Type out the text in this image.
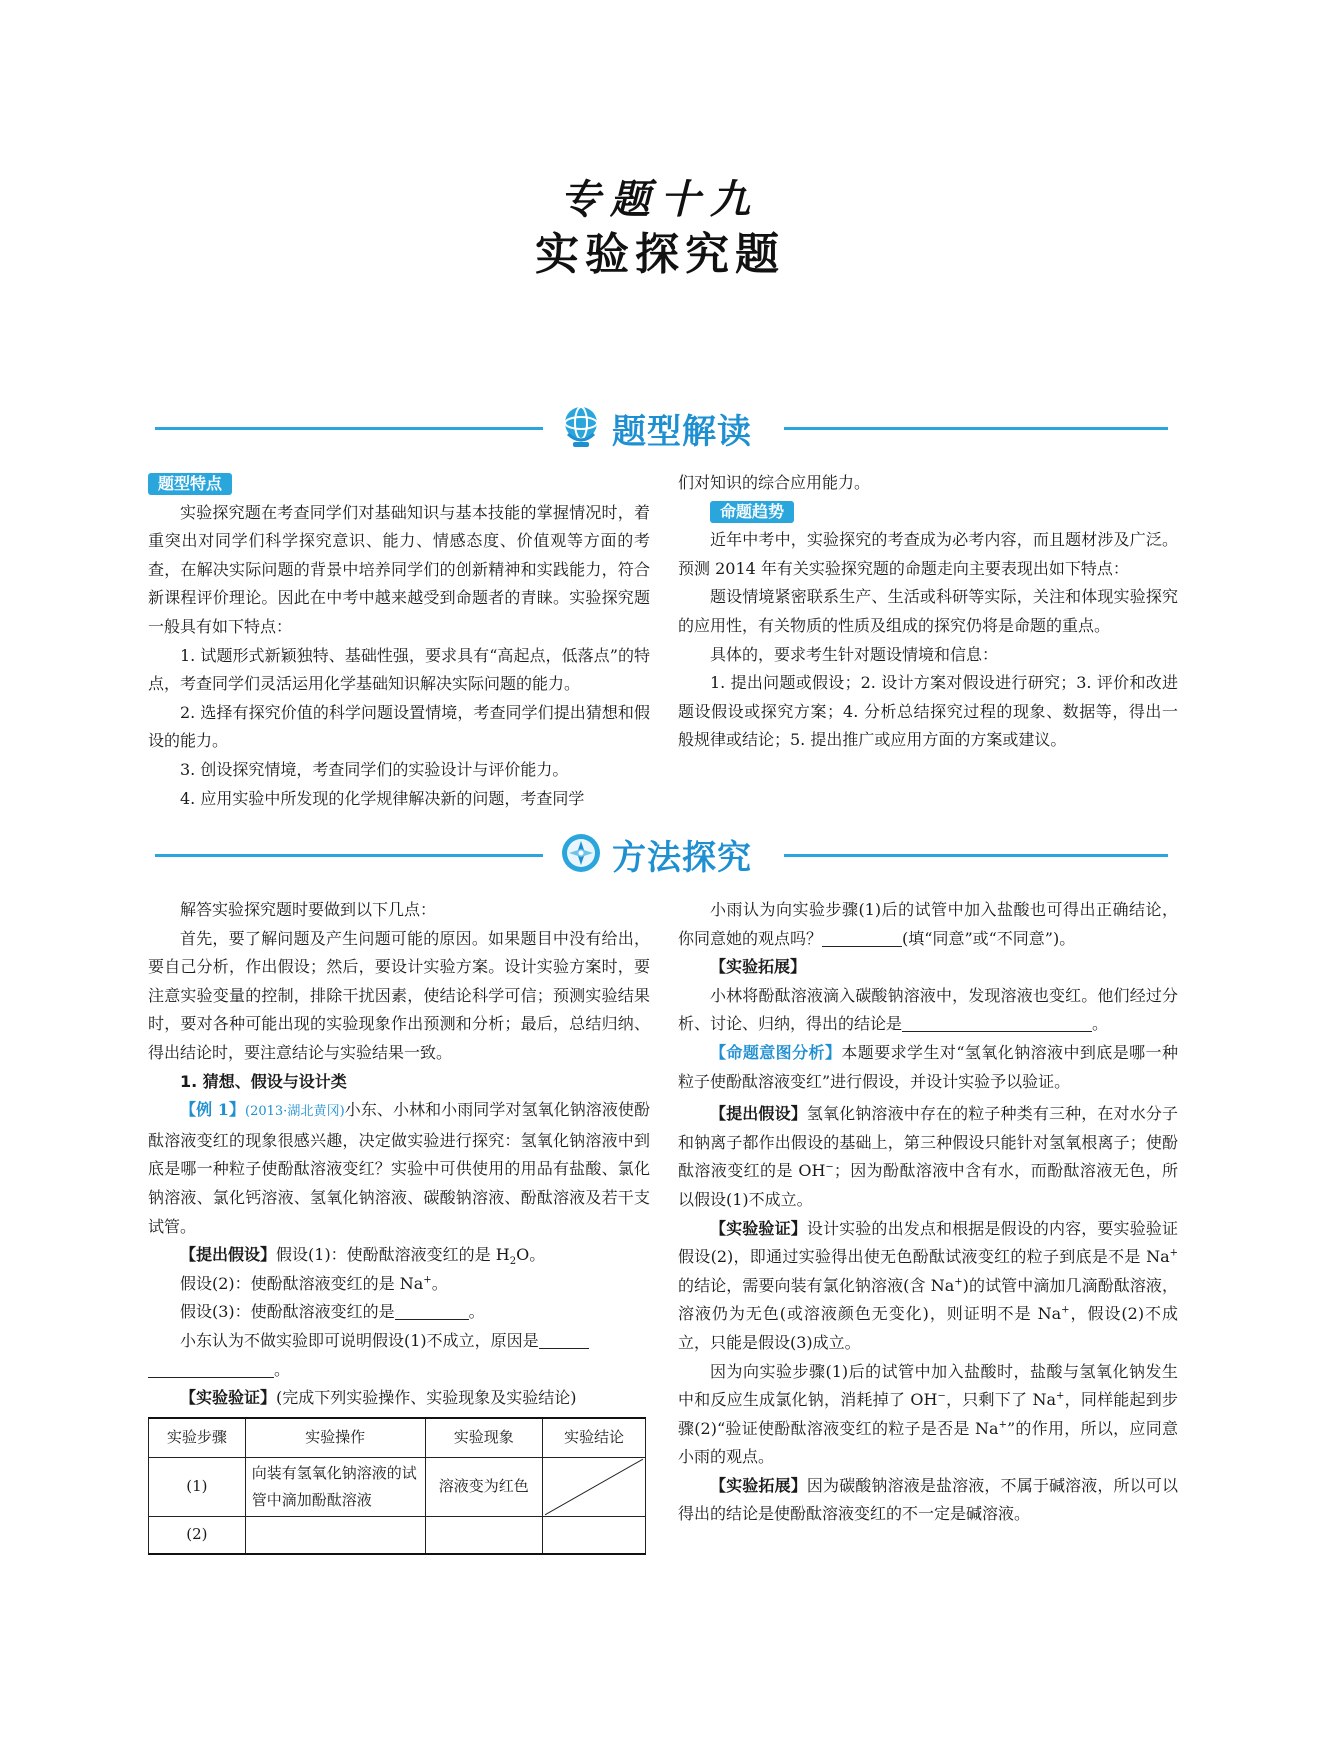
专题十九
实验探究题
题型解读
题型特点

实验探究题在考查同学们对基础知识与基本技能的掌握情况时，着重突出对同学们科学探究意识、能力、情感态度、价值观等方面的考查，在解决实际问题的背景中培养同学们的创新精神和实践能力，符合新课程评价理论。因此在中考中越来越受到命题者的青睐。实验探究题一般具有如下特点：

1. 试题形式新颖独特、基础性强，要求具有“高起点，低落点”的特点，考查同学们灵活运用化学基础知识解决实际问题的能力。

2. 选择有探究价值的科学问题设置情境，考查同学们提出猜想和假设的能力。

3. 创设探究情境，考查同学们的实验设计与评价能力。

4. 应用实验中所发现的化学规律解决新的问题，考查同学

们对知识的综合应用能力。

命题趋势

近年中考中，实验探究的考查成为必考内容，而且题材涉及广泛。预测 2014 年有关实验探究题的命题走向主要表现出如下特点：

题设情境紧密联系生产、生活或科研等实际，关注和体现实验探究的应用性，有关物质的性质及组成的探究仍将是命题的重点。

具体的，要求考生针对题设情境和信息：

1. 提出问题或假设；2. 设计方案对假设进行研究；3. 评价和改进题设假设或探究方案；4. 分析总结探究过程的现象、数据等，得出一般规律或结论；5. 提出推广或应用方面的方案或建议。

方法探究

解答实验探究题时要做到以下几点：

首先，要了解问题及产生问题可能的原因。如果题目中没有给出，要自己分析，作出假设；然后，要设计实验方案。设计实验方案时，要注意实验变量的控制，排除干扰因素，使结论科学可信；预测实验结果时，要对各种可能出现的实验现象作出预测和分析；最后，总结归纳、得出结论时，要注意结论与实验结果一致。

1. 猜想、假设与设计类

【例 1】(2013·湖北黄冈)小东、小林和小雨同学对氢氧化钠溶液使酚酞溶液变红的现象很感兴趣，决定做实验进行探究：氢氧化钠溶液中到底是哪一种粒子使酚酞溶液变红？实验中可供使用的用品有盐酸、氯化钠溶液、氯化钙溶液、氢氧化钠溶液、碳酸钠溶液、酚酞溶液及若干支试管。

【提出假设】假设(1)：使酚酞溶液变红的是 $H_2O$。

假设(2)：使酚酞溶液变红的是 Na+。

假设(3)：使酚酞溶液变红的是	。

小东认为不做实验即可说明假设(1)不成立，原因是

。

【实验验证】(完成下列实验操作、实验现象及实验结论)

实验步骤	实验操作	实验现象	实验结论
(1)	向装有氢氧化钠溶液的试管中滴加酚酞溶液	溶液变为红色	

(2)			

小雨认为向实验步骤(1)后的试管中加入盐酸也可得出正确结论，你同意她的观点吗？	(填“同意”或“不同意”)。

【实验拓展】

小林将酚酞溶液滴入碳酸钠溶液中，发现溶液也变红。他们经过分析、讨论、归纳，得出的结论是	。

【命题意图分析】本题要求学生对“氢氧化钠溶液中到底是哪一种粒子使酚酞溶液变红”进行假设，并设计实验予以验证。

【提出假设】氢氧化钠溶液中存在的粒子种类有三种，在对水分子和钠离子都作出假设的基础上，第三种假设只能针对氢氧根离子；使酚酞溶液变红的是 OH−；因为酚酞溶液中含有水，而酚酞溶液无色，所以假设(1)不成立。

【实验验证】设计实验的出发点和根据是假设的内容，要实验验证假设(2)，即通过实验得出使无色酚酞试液变红的粒子到底是不是 Na+ 的结论，需要向装有氯化钠溶液(含 Na+)的试管中滴加几滴酚酞溶液，溶液仍为无色(或溶液颜色无变化)，则证明不是 Na+，假设(2)不成立，只能是假设(3)成立。

因为向实验步骤(1)后的试管中加入盐酸时，盐酸与氢氧化钠发生中和反应生成氯化钠，消耗掉了 OH−，只剩下了 Na+，同样能起到步骤(2)“验证使酚酞溶液变红的粒子是否是 Na+”的作用，所以，应同意小雨的观点。

【实验拓展】因为碳酸钠溶液是盐溶液，不属于碱溶液，所以可以得出的结论是使酚酞溶液变红的不一定是碱溶液。
